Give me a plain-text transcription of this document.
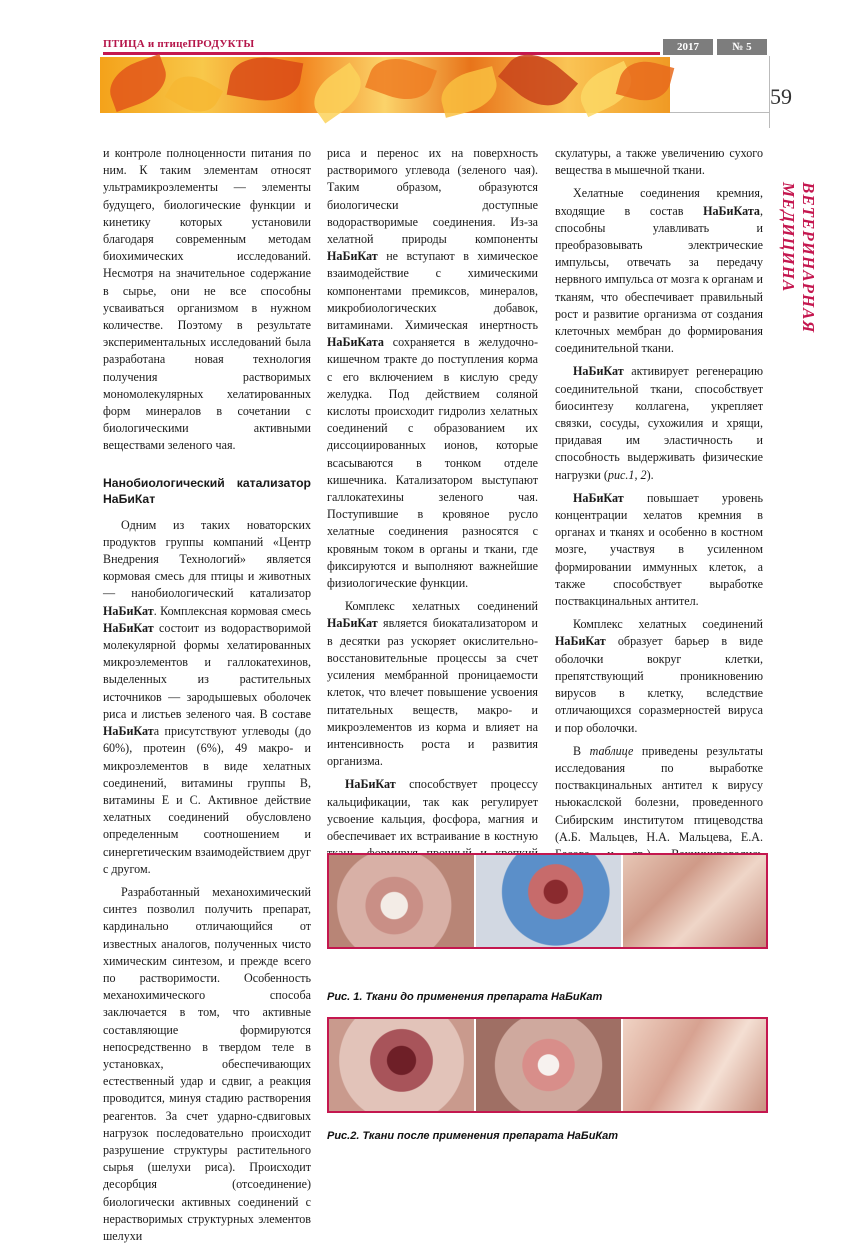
ПТИЦА и птицеПРОДУКТЫ	2017	№ 5
59
ВЕТЕРИНАРНАЯ МЕДИЦИНА

и контроле полноценности питания по ним. К таким элементам относят ультрамикроэлементы — элементы будущего, биологические функции и кинетику которых установили благодаря современным методам биохимических исследований. Несмотря на значительное содержание в сырье, они не все способны усваиваться организмом в нужном количестве. Поэтому в результате экспериментальных исследований была разработана новая технология получения растворимых мономолекулярных хелатированных форм минералов в сочетании с биологическими активными веществами зеленого чая.

Нанобиологический катализатор НаБиКат

Одним из таких новаторских продуктов группы компаний «Центр Внедрения Технологий» является кормовая смесь для птицы и животных — нанобиологический катализатор НаБиКат. Комплексная кормовая смесь НаБиКат состоит из водорастворимой молекулярной формы хелатированных микроэлементов и галлокатехинов, выделенных из растительных источников — зародышевых оболочек риса и листьев зеленого чая. В составе НаБиКата присутствуют углеводы (до 60%), протеин (6%), 49 макро- и микроэлементов в виде хелатных соединений, витамины группы В, витамины Е и С. Активное действие хелатных соединений обусловлено определенным соотношением и синергетическим взаимодействием друг с другом.

Разработанный механохимический синтез позволил получить препарат, кардинально отличающийся от известных аналогов, полученных чисто химическим синтезом, и прежде всего по растворимости. Особенность механохимического способа заключается в том, что активные составляющие формируются непосредственно в твердом теле в установках, обеспечивающих естественный удар и сдвиг, а реакция проводится, минуя стадию растворения реагентов. За счет ударно-сдвиговых нагрузок последовательно происходит разрушение структуры растительного сырья (шелухи риса). Происходит десорбция (отсоединение) биологически активных соединений с нерастворимых структурных элементов шелухи

риса и перенос их на поверхность растворимого углевода (зеленого чая). Таким образом, образуются биологически доступные водорастворимые соединения. Из-за хелатной природы компоненты НаБиКат не вступают в химическое взаимодействие с химическими компонентами премиксов, минералов, микробиологических добавок, витаминами. Химическая инертность НаБиКата сохраняется в желудочно-кишечном тракте до поступления корма с его включением в кислую среду желудка. Под действием соляной кислоты происходит гидролиз хелатных соединений с образованием их диссоциированных ионов, которые всасываются в тонком отделе кишечника. Катализатором выступают галлокатехины зеленого чая. Поступившие в кровяное русло хелатные соединения разносятся с кровяным током в органы и ткани, где фиксируются и выполняют важнейшие физиологические функции.

Комплекс хелатных соединений НаБиКат является биокатализатором и в десятки раз ускоряет окислительно-восстановительные процессы за счет усиления мембранной проницаемости клеток, что влечет повышение усвоения питательных веществ, макро- и микроэлементов из корма и влияет на интенсивность роста и развития организма.

НаБиКат способствует процессу кальцификации, так как регулирует усвоение кальция, фосфора, магния и обеспечивает их встраивание в костную

скулатуры, а также увеличению сухого вещества в мышечной ткани.

Хелатные соединения кремния, входящие в состав НаБиКата, способны улавливать и преобразовывать электрические импульсы, отвечать за передачу нервного импульса от мозга к органам и тканям, что обеспечивает правильный рост и развитие организма от создания клеточных мембран до формирования соединительной ткани.

НаБиКат активирует регенерацию соединительной ткани, способствует биосинтезу коллагена, укрепляет связки, сосуды, сухожилия и хрящи, придавая им эластичность и способность выдерживать физические нагрузки (рис.1, 2).

НаБиКат повышает уровень концентрации хелатов кремния в органах и тканях и особенно в костном мозге, участвуя в усиленном формировании иммунных клеток, а также способствует выработке поствакцинальных антител.

Комплекс хелатных соединений НаБиКат образует барьер в виде оболочки вокруг клетки, препятствующий проникновению вирусов в клетку, вследствие отличающихся соразмерностей вируса и пор оболочки.

В таблице приведены результаты исследования по выработке поствакцинальных антител к вирусу ньюкаслской болезни, проведенного Сибирским институтом птицеводства (А.Б. Мальцев, Н.А. Мальцева, Е.А.

Рис. 1. Ткани до применения препарата НаБиКат
Рис.2. Ткани после применения препарата НаБиКат
